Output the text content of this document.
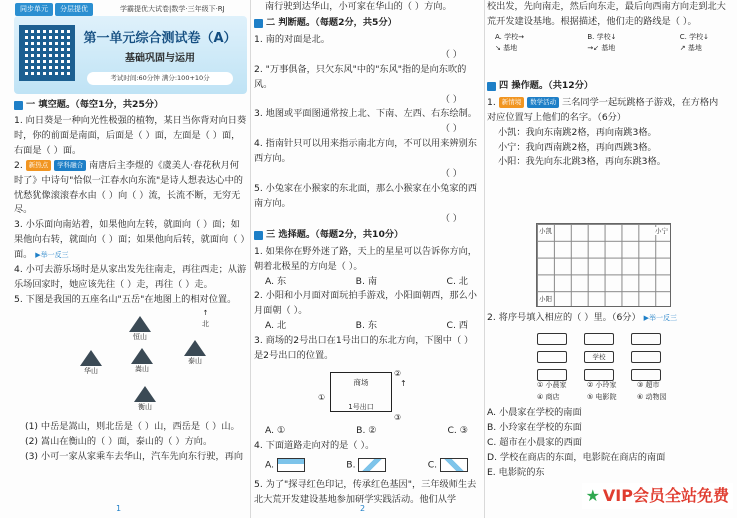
同步单元	分层提优	学霸提优大试卷|数学·三年级下·RJ
第一单元综合测试卷（A）
基础巩固与运用
考试时间:60分钟 满分:100+10分
一 填空题。（每空1分，共25分）

1. 向日葵是一种向光性极强的植物，某日当你背对向日葵时，你的前面是南面，后面是（ ）面，左面是（ ）面，右面是（ ）面。

2. 新热点 学科融合 南唐后主李煜的《虞美人·春花秋月何时了》中诗句"恰似一江春水向东流"是诗人想表达心中的忧愁犹像滚滚春水由（ ）向（ ）流，长流不断，无穷无尽。

3. 小乐面向南站着，如果他向左转，就面向（ ）面；如果他向右转，就面向（ ）面；如果他向后转，就面向（ ）面。 ▶举一反三

4. 小可去游乐场时是从家出发先往南走，再往西走；从游乐场回家时，她应该先往（ ）走，再往（ ）走。

5. 下图是我国的五座名山"五岳"在地图上的相对位置。

↑
北
恒山
泰山
华山	嵩山
衡山

(1) 中岳是嵩山，则北岳是（ ）山，西岳是（ ）山。

(2) 嵩山在衡山的（ ）面，泰山的（ ）方向。

(3) 小可一家从家乘车去华山，汽车先向东行驶，再向

1

南行驶到达华山，小可家在华山的（ ）方向。

二 判断题。（每题2分，共5分）

1. 南的对面是北。

（ ）

2. "万事俱备，只欠东风"中的"东风"指的是向东吹的风。

（ ）

3. 地图或平面图通常按上北、下南、左西、右东绘制。

（ ）

4. 指南针只可以用来指示南北方向，不可以用来辨别东西方向。

（ ）

5. 小兔家在小猴家的东北面，那么小猴家在小兔家的西南方向。

（ ）
三 选择题。（每题2分，共10分）

1. 如果你在野外迷了路，天上的星星可以告诉你方向，朝着北极星的方向是（ ）。

A. 东	B. 南	C. 北

2. 小阳和小月面对面玩拍手游戏，小阳面朝西，那么小月面朝（ ）。

A. 北	B. 东	C. 西

3. 商场的2号出口在1号出口的东北方向，下图中（ ）是2号出口的位置。

商场
1号出口
①
②
③
↑
A. ①	B. ②	C. ③

4. 下面道路走向对的是（ ）。

A.	B.	C.

5. 为了"探寻红色印记，传承红色基因"，三年级师生去北大荒开发建设基地参加研学实践活动。他们从学

2

校出发，先向南走，然后向东走，最后向西南方向走到北大荒开发建设基地。根据描述，他们走的路线是（ ）。

A. 学校→
↘ 基地
B. 学校↓
→↙ 基地
C. 学校↓
↗ 基地
四 操作题。（共12分）

1. 新情境 数学活动 三名同学一起玩跳格子游戏，在方格内对应位置写上他们的名字。（6分）

小凯：我向东南跳2格，再向南跳3格。

小宁：我向西南跳2格，再向西跳3格。

小阳：我先向东北跳3格，再向东跳3格。

小凯	小宁
小阳

2. 将序号填入相应的（ ）里。（6分） ▶举一反三

学校
① 小晨家	② 小玲家	③ 超市
④ 商店	⑤ 电影院	⑥ 动物园

A. 小晨家在学校的南面

B. 小玲家在学校的东面

C. 超市在小晨家的西面

D. 学校在商店的东面，电影院在商店的南面

E. 电影院的东

★ VIP会员全站免费
